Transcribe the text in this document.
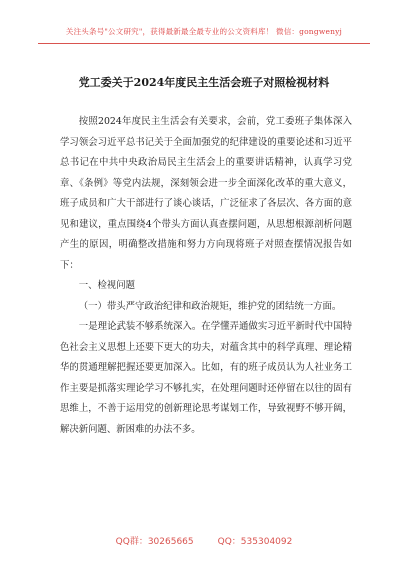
关注头条号"公文研究"，获得最新最全最专业的公文资料库！ 微信：gongwenyj
党工委关于2024年度民主生活会班子对照检视材料

按照2024年度民主生活会有关要求，会前，党工委班子集体深入学习领会习近平总书记关于全面加强党的纪律建设的重要论述和习近平总书记在中共中央政治局民主生活会上的重要讲话精神，认真学习党章、《条例》等党内法规，深刻领会进一步全面深化改革的重大意义，班子成员和广大干部进行了谈心谈话，广泛征求了各层次、各方面的意见和建议，重点围绕4个带头方面认真查摆问题，从思想根源剖析问题产生的原因，明确整改措施和努力方向现将班子对照查摆情况报告如下：

一、检视问题

（一）带头严守政治纪律和政治规矩，维护党的团结统一方面。

一是理论武装不够系统深入。在学懂弄通做实习近平新时代中国特色社会主义思想上还要下更大的功夫，对蕴含其中的科学真理、理论精华的贯通理解把握还要更加深入。比如，有的班子成员认为人社业务工作主要是抓落实理论学习不够扎实，在处理问题时还停留在以往的固有思维上，不善于运用党的创新理论思考谋划工作，导致视野不够开阔，解决新问题、新困难的办法不多。

QQ群：30265665	QQ：535304092
